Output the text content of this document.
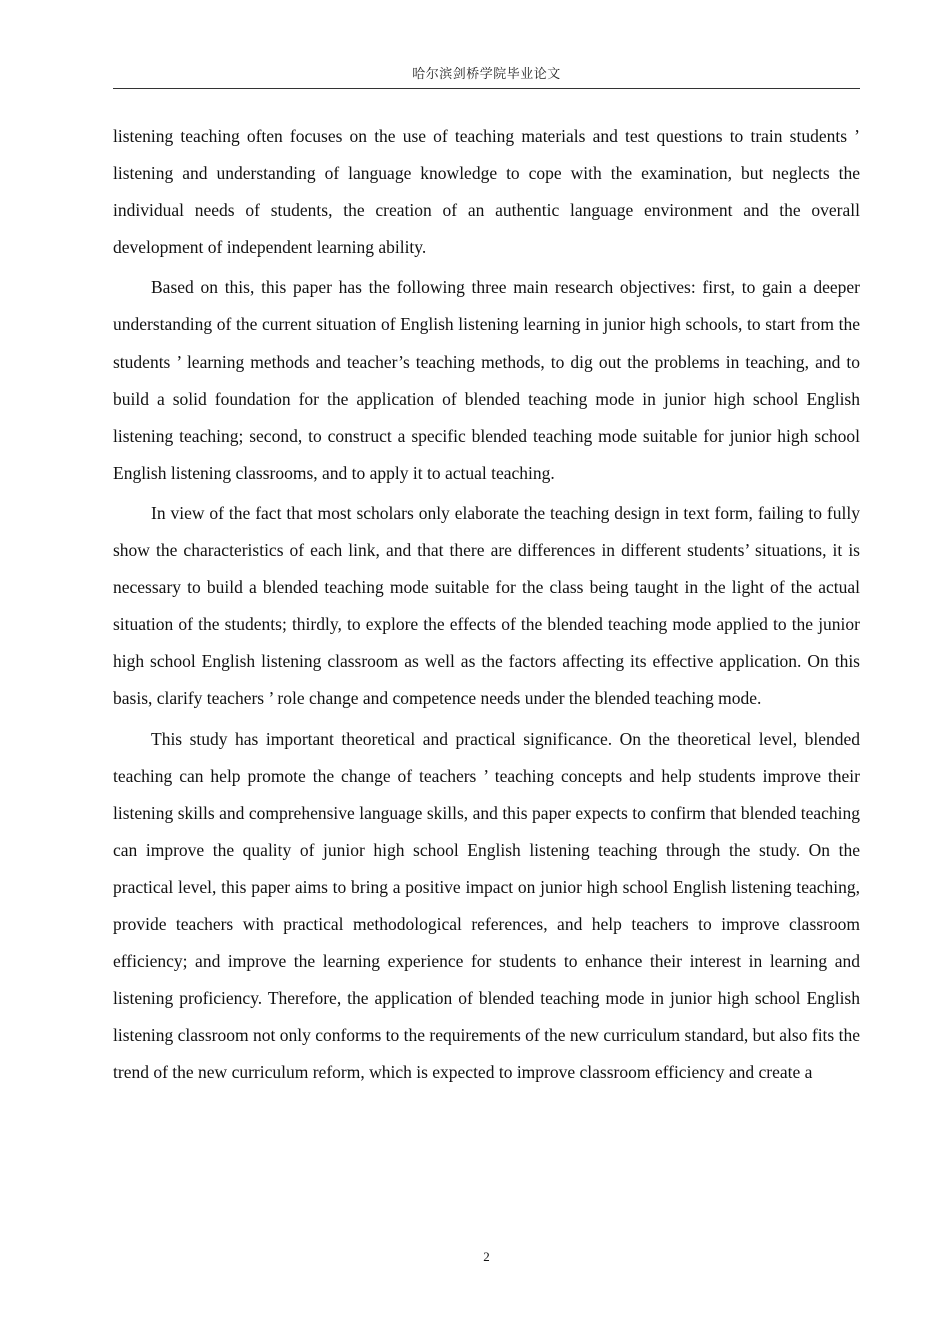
哈尔滨剑桥学院毕业论文

listening teaching often focuses on the use of teaching materials and test questions to train students ’ listening and understanding of language knowledge to cope with the examination, but neglects the individual needs of students, the creation of an authentic language environment and the overall development of independent learning ability.

Based on this, this paper has the following three main research objectives: first, to gain a deeper understanding of the current situation of English listening learning in junior high schools, to start from the students ’ learning methods and teacher’s teaching methods, to dig out the problems in teaching, and to build a solid foundation for the application of blended teaching mode in junior high school English listening teaching; second, to construct a specific blended teaching mode suitable for junior high school English listening classrooms, and to apply it to actual teaching.

In view of the fact that most scholars only elaborate the teaching design in text form, failing to fully show the characteristics of each link, and that there are differences in different students’ situations, it is necessary to build a blended teaching mode suitable for the class being taught in the light of the actual situation of the students; thirdly, to explore the effects of the blended teaching mode applied to the junior high school English listening classroom as well as the factors affecting its effective application. On this basis, clarify teachers ’ role change and competence needs under the blended teaching mode.

This study has important theoretical and practical significance. On the theoretical level, blended teaching can help promote the change of teachers ’ teaching concepts and help students improve their listening skills and comprehensive language skills, and this paper expects to confirm that blended teaching can improve the quality of junior high school English listening teaching through the study. On the practical level, this paper aims to bring a positive impact on junior high school English listening teaching, provide teachers with practical methodological references, and help teachers to improve classroom efficiency; and improve the learning experience for students to enhance their interest in learning and listening proficiency. Therefore, the application of blended teaching mode in junior high school English listening classroom not only conforms to the requirements of the new curriculum standard, but also fits the trend of the new curriculum reform, which is expected to improve classroom efficiency and create a

2
